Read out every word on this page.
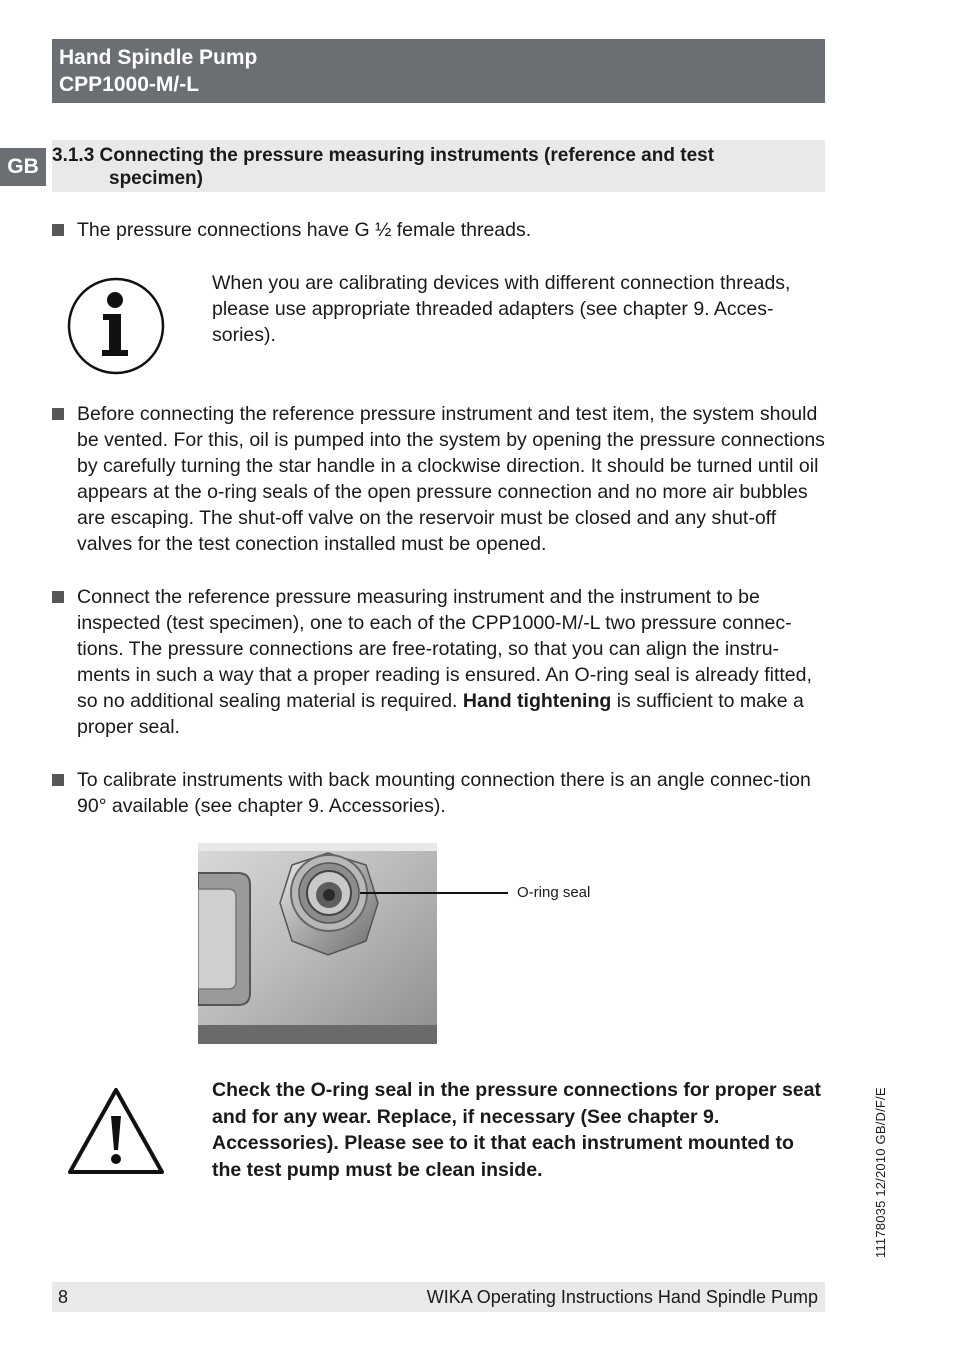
Hand Spindle Pump
CPP1000-M/-L
GB 3.1.3 Connecting the pressure measuring instruments (reference and test
specimen)
The pressure connections have G ½ female threads.
When you are calibrating devices with different connection threads, please use appropriate threaded adapters (see chapter 9. Acces-sories).
Before connecting the reference pressure instrument and test item, the system should be vented. For this, oil is pumped into the system by opening the pressure connections by carefully turning the star handle in a clockwise direction. It should be turned until oil appears at the o-ring seals of the open pressure connection and no more air bubbles are escaping. The shut-off valve on the reservoir must be closed and any shut-off valves for the test conection installed must be opened.
Connect the reference pressure measuring instrument and the instrument to be inspected (test specimen), one to each of the CPP1000-M/-L two pressure connec-tions. The pressure connections are free-rotating, so that you can align the instru-ments in such a way that a proper reading is ensured. An O-ring seal is already fitted, so no additional sealing material is required. Hand tightening is sufficient to make a proper seal.
To calibrate instruments with back mounting connection there is an angle connec-tion 90° available (see chapter 9. Accessories).
O-ring seal
Check the O-ring seal in the pressure connections for proper seat and for any wear. Replace, if necessary (See chapter 9. Accessories). Please see to it that each instrument mounted to the test pump must be clean inside.	11178035 12/2010 GB/D/F/E
8	WIKA Operating Instructions Hand Spindle Pump
